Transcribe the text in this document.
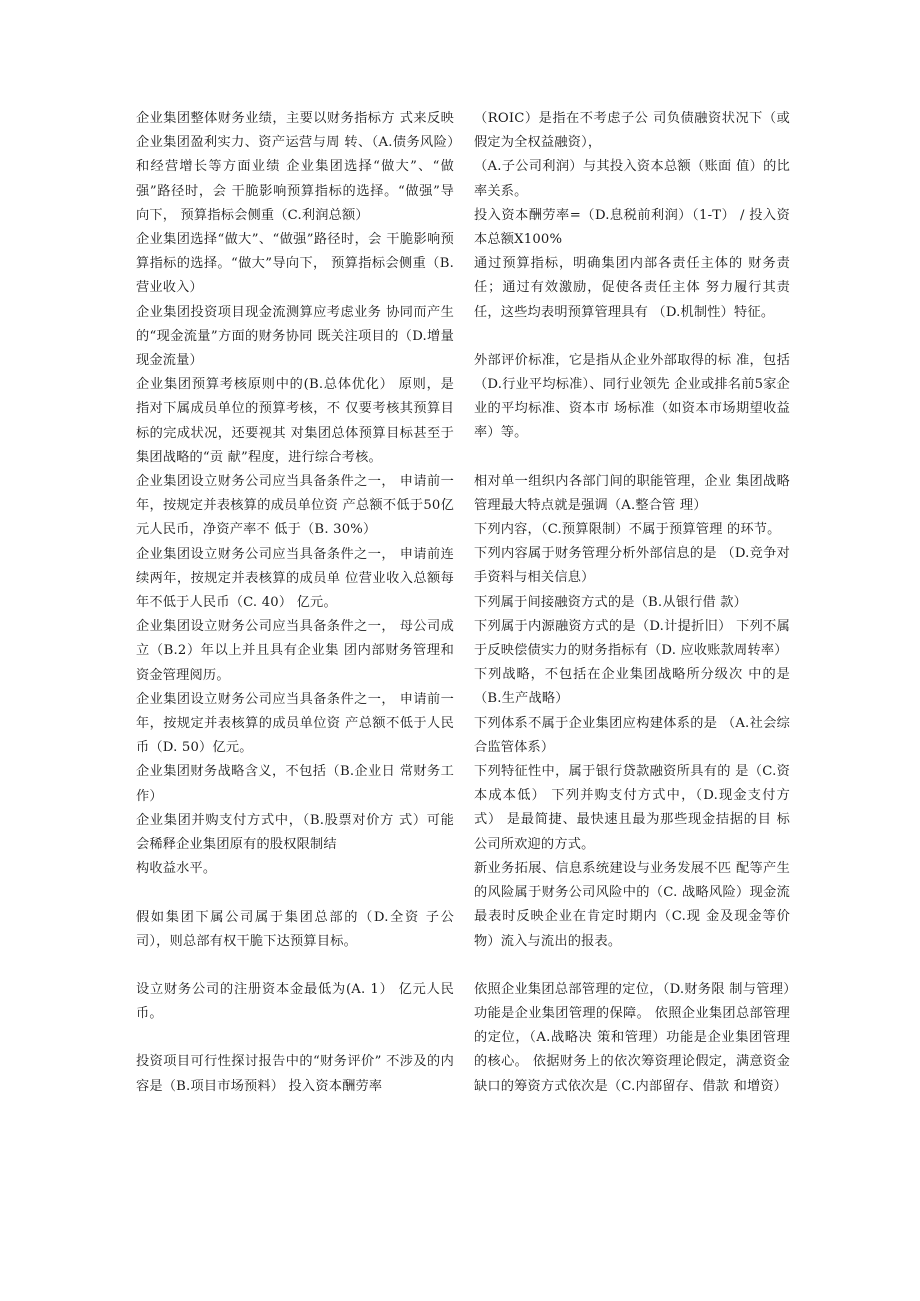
企业集团整体财务业绩，主要以财务指标方 式来反映企业集团盈利实力、资产运营与周 转、（A.债务风险）和经营增长等方面业绩 企业集团选择“做大”、“做强”路径时，会 干脆影响预算指标的选择。“做强”导向下， 预算指标会侧重（C.利润总额）

企业集团选择“做大”、“做强”路径时，会 干脆影响预算指标的选择。“做大”导向下， 预算指标会侧重（B.营业收入）

企业集团投资项目现金流测算应考虑业务 协同而产生的“现金流量”方面的财务协同 既关注项目的（D.增量现金流量）

企业集团预算考核原则中的(B.总体优化） 原则，是指对下属成员单位的预算考核，不 仅要考核其预算目标的完成状况，还要视其 对集团总体预算目标甚至于集团战略的“贡 献”程度，进行综合考核。

企业集团设立财务公司应当具备条件之一， 申请前一年，按规定并表核算的成员单位资 产总额不低于50亿元人民币，净资产率不 低于（B. 30%）

企业集团设立财务公司应当具备条件之一， 申请前连续两年，按规定并表核算的成员单 位营业收入总额每年不低于人民币（C. 40） 亿元。

企业集团设立财务公司应当具备条件之一， 母公司成立（B.2）年以上并且具有企业集 团内部财务管理和资金管理阅历。

企业集团设立财务公司应当具备条件之一， 申请前一年，按规定并表核算的成员单位资 产总额不低于人民币（D. 50）亿元。

企业集团财务战略含义，不包括（B.企业日 常财务工作）

企业集团并购支付方式中，（B.股票对价方 式）可能会稀释企业集团原有的股权限制结

构收益水平。

假如集团下属公司属于集团总部的（D.全资 子公司），则总部有权干脆下达预算目标。

设立财务公司的注册资本金最低为(A. 1） 亿元人民币。

投资项目可行性探讨报告中的“财务评价” 不涉及的内容是（B.项目市场预料） 投入资本酬劳率

（ROIC）是指在不考虑子公 司负债融资状况下（或假定为全权益融资），

（A.子公司利润）与其投入资本总额（账面 值）的比率关系。

投入资本酬劳率=（D.息税前利润）（1-T） / 投入资本总额X100%

通过预算指标，明确集团内部各责任主体的 财务责任；通过有效激励，促使各责任主体 努力履行其责任，这些均表明预算管理具有 （D.机制性）特征。

外部评价标准，它是指从企业外部取得的标 准，包括（D.行业平均标准）、同行业领先 企业或排名前5家企业的平均标准、资本市 场标准（如资本市场期望收益率）等。

相对单一组织内各部门间的职能管理，企业 集团战略管理最大特点就是强调（A.整合管 理）

下列内容，（C.预算限制）不属于预算管理 的环节。

下列内容属于财务管理分析外部信息的是 （D.竞争对手资料与相关信息）

下列属于间接融资方式的是（B.从银行借 款）

下列属于内源融资方式的是（D.计提折旧） 下列不属于反映偿债实力的财务指标有（D. 应收账款周转率）

下列战略，不包括在企业集团战略所分级次 中的是（B.生产战略）

下列体系不属于企业集团应构建体系的是 （A.社会综合监管体系）

下列特征性中，属于银行贷款融资所具有的 是（C.资本成本低） 下列并购支付方式中，（D.现金支付方式） 是最简捷、最快速且最为那些现金拮据的目 标公司所欢迎的方式。

新业务拓展、信息系统建设与业务发展不匹 配等产生的风险属于财务公司风险中的（C. 战略风险）现金流最表时反映企业在肯定时期内（C.现 金及现金等价物）流入与流出的报表。

依照企业集团总部管理的定位，（D.财务限 制与管理）功能是企业集团管理的保障。 依照企业集团总部管理的定位，（A.战略决 策和管理）功能是企业集团管理的核心。 依据财务上的依次筹资理论假定，满意资金 缺口的筹资方式依次是（C.内部留存、借款 和增资）
